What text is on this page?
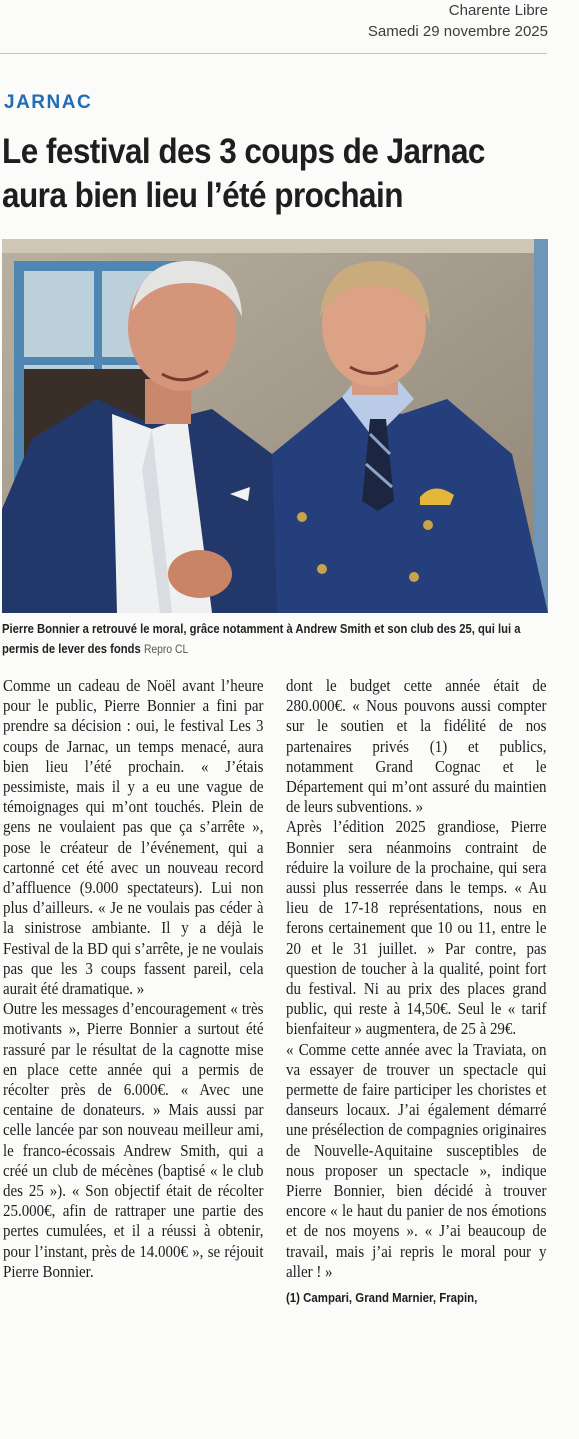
Charente Libre
Samedi 29 novembre 2025
JARNAC
Le festival des 3 coups de Jarnac
aura bien lieu l’été prochain
Pierre Bonnier a retrouvé le moral, grâce notamment à Andrew Smith et son club des 25, qui lui a permis de lever des fonds Repro CL

Comme un cadeau de Noël avant l’heure pour le public, Pierre Bonnier a fini par prendre sa décision : oui, le festival Les 3 coups de Jarnac, un temps menacé, aura bien lieu l’été prochain. « J’étais pessimiste, mais il y a eu une vague de témoignages qui m’ont touchés. Plein de gens ne voulaient pas que ça s’arrête », pose le créateur de l’événement, qui a cartonné cet été avec un nouveau record d’affluence (9.000 spectateurs). Lui non plus d’ailleurs. « Je ne voulais pas céder à la sinistrose ambiante. Il y a déjà le Festival de la BD qui s’arrête, je ne voulais pas que les 3 coups fassent pareil, cela aurait été dramatique. »

Outre les messages d’encouragement « très motivants », Pierre Bonnier a surtout été rassuré par le résultat de la cagnotte mise en place cette année qui a permis de récolter près de 6.000€. « Avec une centaine de donateurs. » Mais aussi par celle lancée par son nouveau meilleur ami, le franco-écossais Andrew Smith, qui a créé un club de mécènes (baptisé « le club des 25 »). « Son objectif était de récolter 25.000€, afin de rattraper une partie des pertes cumulées, et il a réussi à obtenir, pour l’instant, près de 14.000€ », se réjouit Pierre Bonnier.

dont le budget cette année était de 280.000€. « Nous pouvons aussi compter sur le soutien et la fidélité de nos partenaires privés (1) et publics, notamment Grand Cognac et le Département qui m’ont assuré du maintien de leurs subventions. »

Après l’édition 2025 grandiose, Pierre Bonnier sera néanmoins contraint de réduire la voilure de la prochaine, qui sera aussi plus resserrée dans le temps. « Au lieu de 17-18 représentations, nous en ferons certainement que 10 ou 11, entre le 20 et le 31 juillet. » Par contre, pas question de toucher à la qualité, point fort du festival. Ni au prix des places grand public, qui reste à 14,50€. Seul le « tarif bienfaiteur » augmentera, de 25 à 29€.

« Comme cette année avec la Traviata, on va essayer de trouver un spectacle qui permette de faire participer les choristes et danseurs locaux. J’ai également démarré une présélection de compagnies originaires de Nouvelle-Aquitaine susceptibles de nous proposer un spectacle », indique Pierre Bonnier, bien décidé à trouver encore « le haut du panier de nos émotions et de nos moyens ». « J’ai beaucoup de travail, mais j’ai repris le moral pour y aller ! »

(1) Campari, Grand Marnier, Frapin,
